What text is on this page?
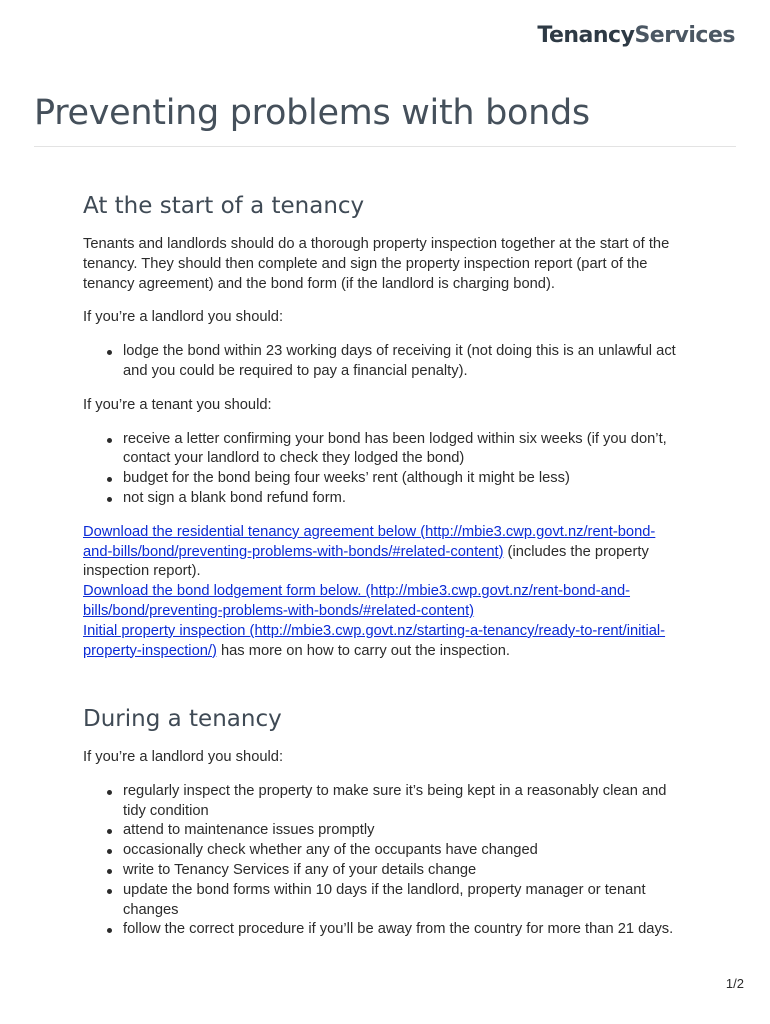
TenancyServices
Preventing problems with bonds
At the start of a tenancy

Tenants and landlords should do a thorough property inspection together at the start of the tenancy. They should then complete and sign the property inspection report (part of the tenancy agreement) and the bond form (if the landlord is charging bond).

If you’re a landlord you should:

lodge the bond within 23 working days of receiving it (not doing this is an unlawful act and you could be required to pay a financial penalty).

If you’re a tenant you should:

receive a letter confirming your bond has been lodged within six weeks (if you don’t, contact your landlord to check they lodged the bond)
budget for the bond being four weeks’ rent (although it might be less)
not sign a blank bond refund form.

Download the residential tenancy agreement below (http://mbie3.cwp.govt.nz/rent-bond-and-bills/bond/preventing-problems-with-bonds/#related-content) (includes the property inspection report).

Download the bond lodgement form below. (http://mbie3.cwp.govt.nz/rent-bond-and-bills/bond/preventing-problems-with-bonds/#related-content)

Initial property inspection (http://mbie3.cwp.govt.nz/starting-a-tenancy/ready-to-rent/initial-property-inspection/) has more on how to carry out the inspection.

During a tenancy

If you’re a landlord you should:

regularly inspect the property to make sure it’s being kept in a reasonably clean and tidy condition
attend to maintenance issues promptly
occasionally check whether any of the occupants have changed
write to Tenancy Services if any of your details change
update the bond forms within 10 days if the landlord, property manager or tenant changes
follow the correct procedure if you’ll be away from the country for more than 21 days.
1/2
